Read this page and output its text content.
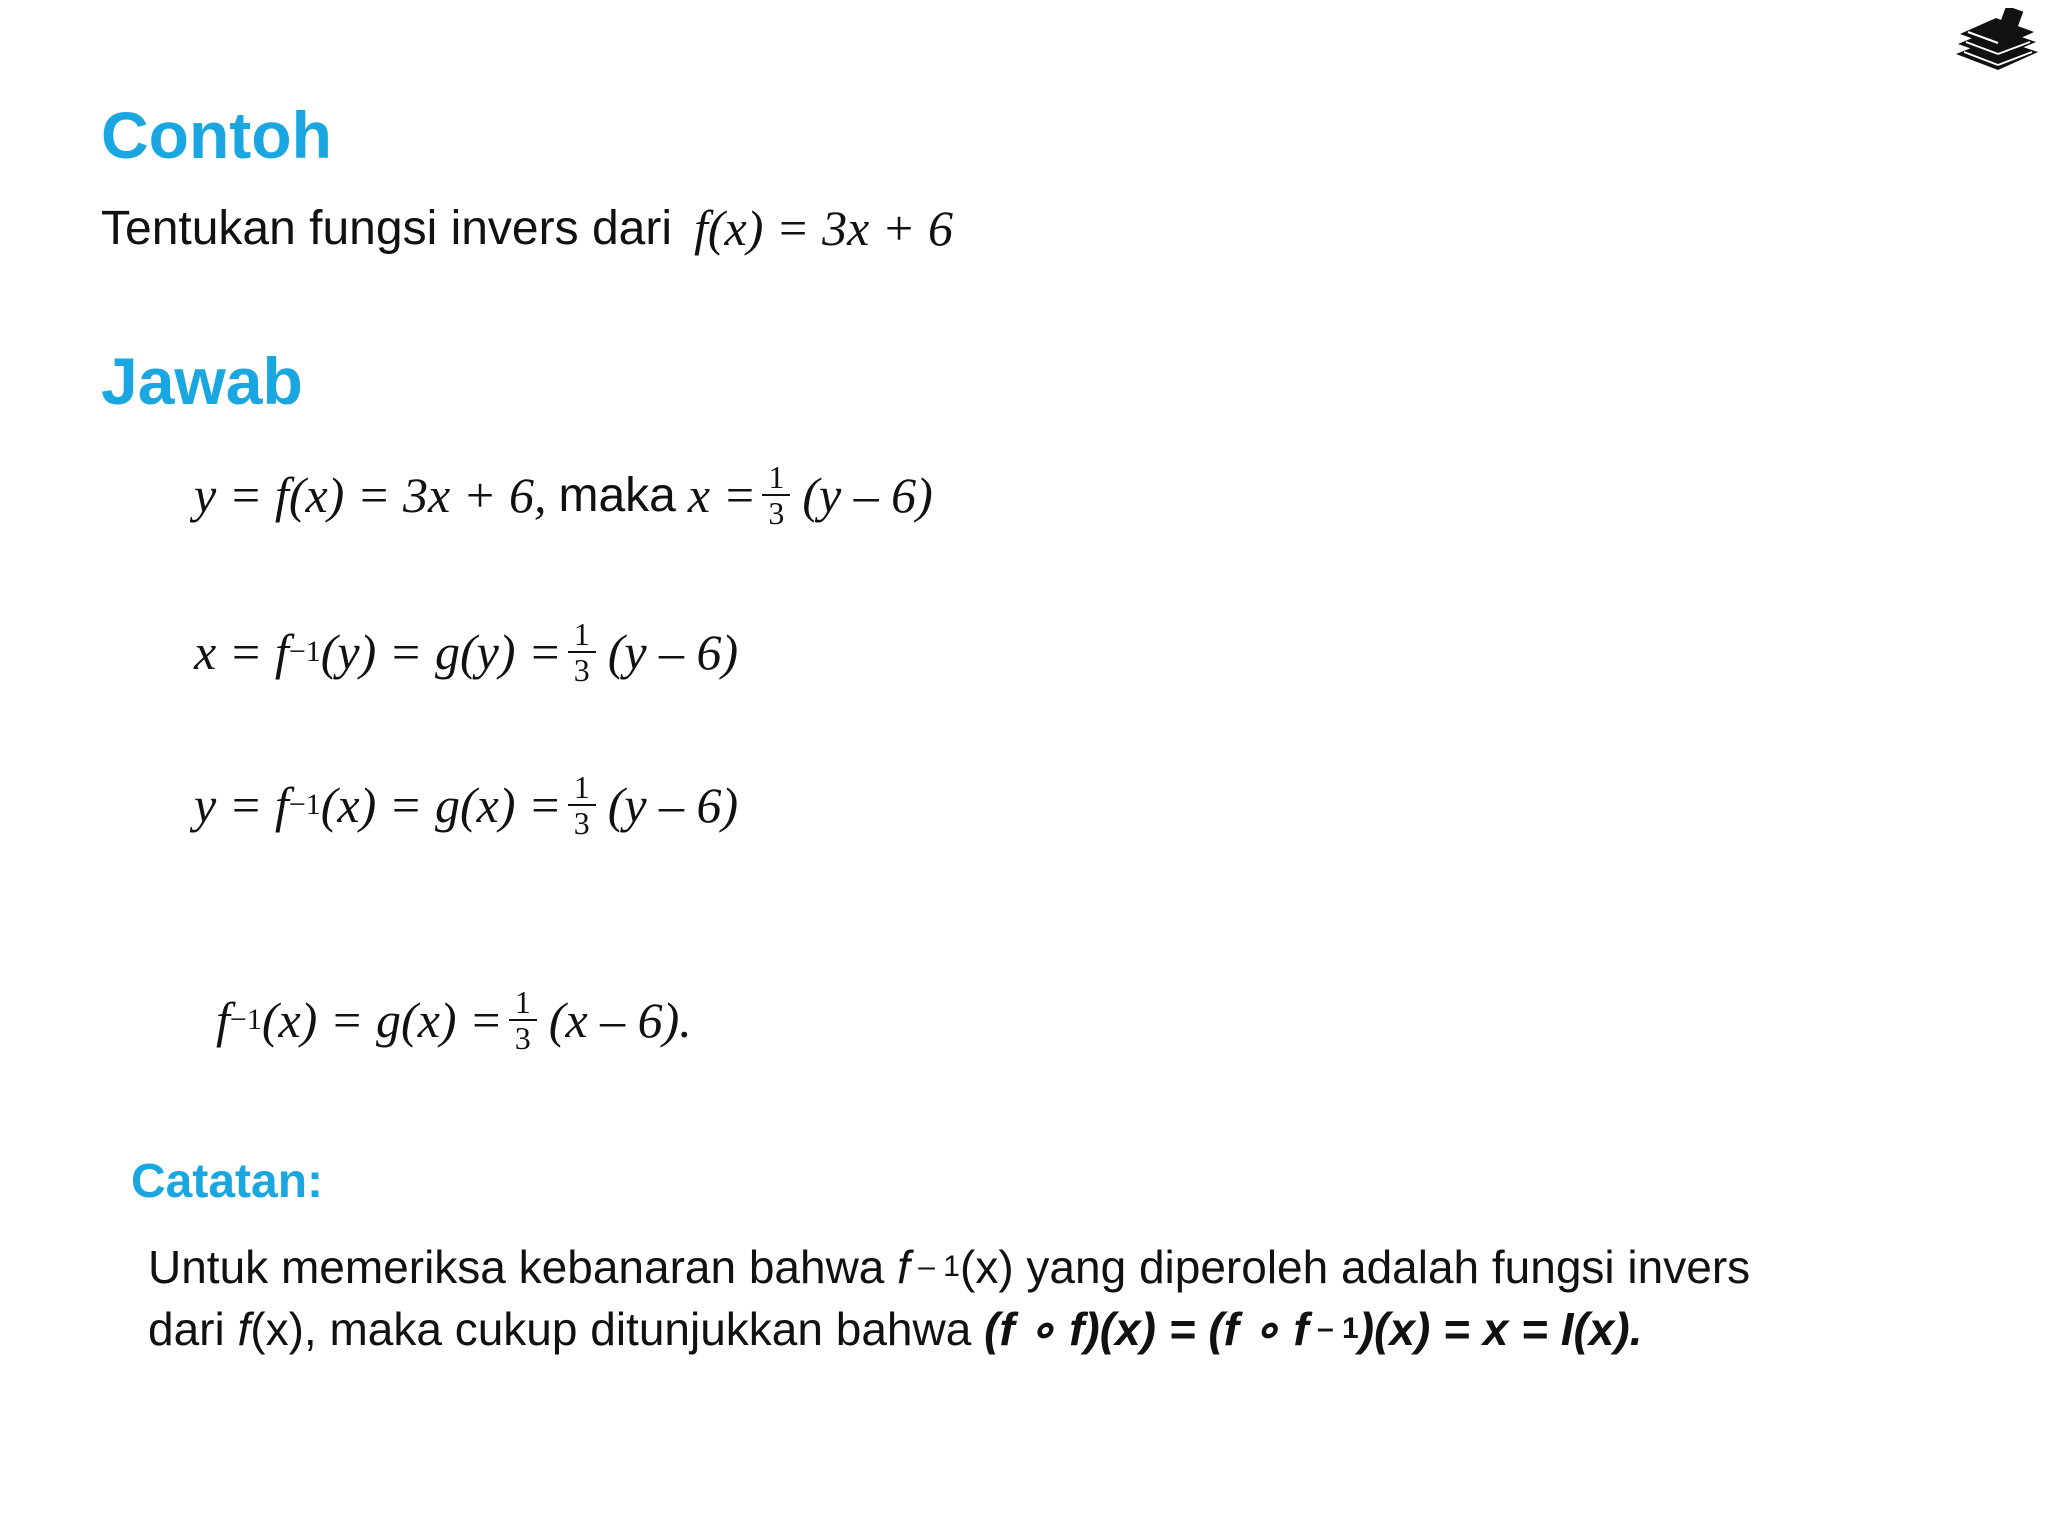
Contoh
Tentukan fungsi invers dari f(x) = 3x + 6
Jawab
y = f(x) = 3x + 6, maka $x = \frac{1}{3} (y - 6)$
x = f −1 $(y) = g(y) = \frac{1}{3} (y - 6)$
y = f −1 $(x) = g(x) = \frac{1}{3} (y - 6)$
f −1 $(x) = g(x) = \frac{1}{3} (x - 6)$.
Catatan:
Untuk memeriksa kebanaran bahwa f – 1 (x) yang diperoleh adalah fungsi invers
dari f (x), maka cukup ditunjukkan bahwa (f ∘ f)(x) = (f ∘ f – 1 )(x) = x = I(x).
